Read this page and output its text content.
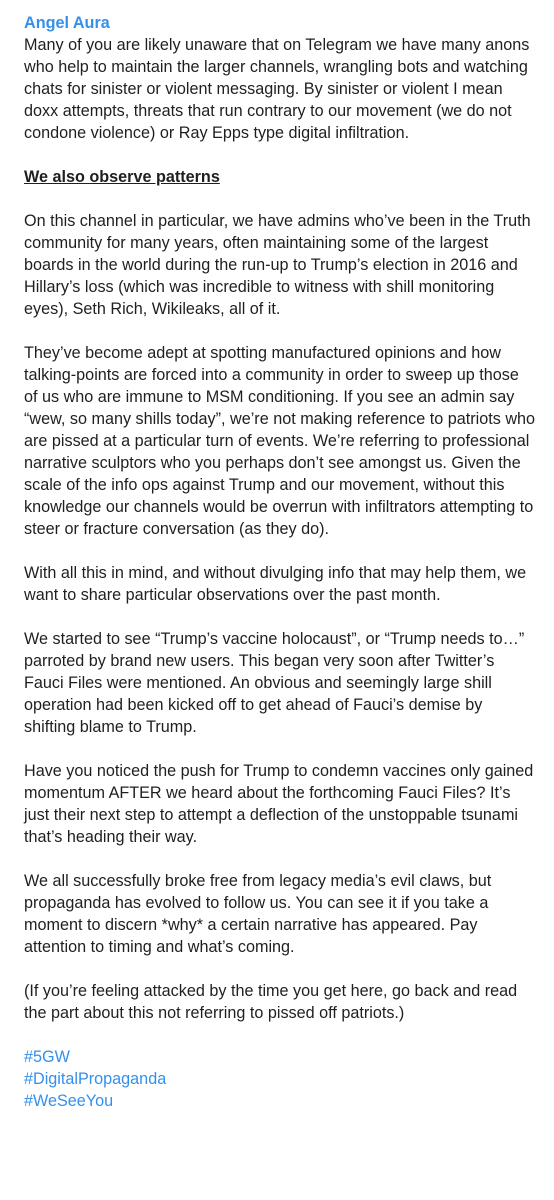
Angel Aura
Many of you are likely unaware that on Telegram we have many anons who help to maintain the larger channels, wrangling bots and watching chats for sinister or violent messaging. By sinister or violent I mean doxx attempts, threats that run contrary to our movement (we do not condone violence) or Ray Epps type digital infiltration.
We also observe patterns
On this channel in particular, we have admins who’ve been in the Truth community for many years, often maintaining some of the largest boards in the world during the run-up to Trump’s election in 2016 and Hillary’s loss (which was incredible to witness with shill monitoring eyes), Seth Rich, Wikileaks, all of it.
They’ve become adept at spotting manufactured opinions and how talking-points are forced into a community in order to sweep up those of us who are immune to MSM conditioning. If you see an admin say “wew, so many shills today”, we’re not making reference to patriots who are pissed at a particular turn of events. We’re referring to professional narrative sculptors who you perhaps don’t see amongst us. Given the scale of the info ops against Trump and our movement, without this knowledge our channels would be overrun with infiltrators attempting to steer or fracture conversation (as they do).
With all this in mind, and without divulging info that may help them, we want to share particular observations over the past month.
We started to see “Trump’s vaccine holocaust”, or “Trump needs to…” parroted by brand new users. This began very soon after Twitter’s Fauci Files were mentioned. An obvious and seemingly large shill operation had been kicked off to get ahead of Fauci’s demise by shifting blame to Trump.
Have you noticed the push for Trump to condemn vaccines only gained momentum AFTER we heard about the forthcoming Fauci Files? It’s just their next step to attempt a deflection of the unstoppable tsunami that’s heading their way.
We all successfully broke free from legacy media’s evil claws, but propaganda has evolved to follow us. You can see it if you take a moment to discern *why* a certain narrative has appeared. Pay attention to timing and what’s coming.
(If you’re feeling attacked by the time you get here, go back and read the part about this not referring to pissed off patriots.)
#5GW
#DigitalPropaganda
#WeSeeYou
